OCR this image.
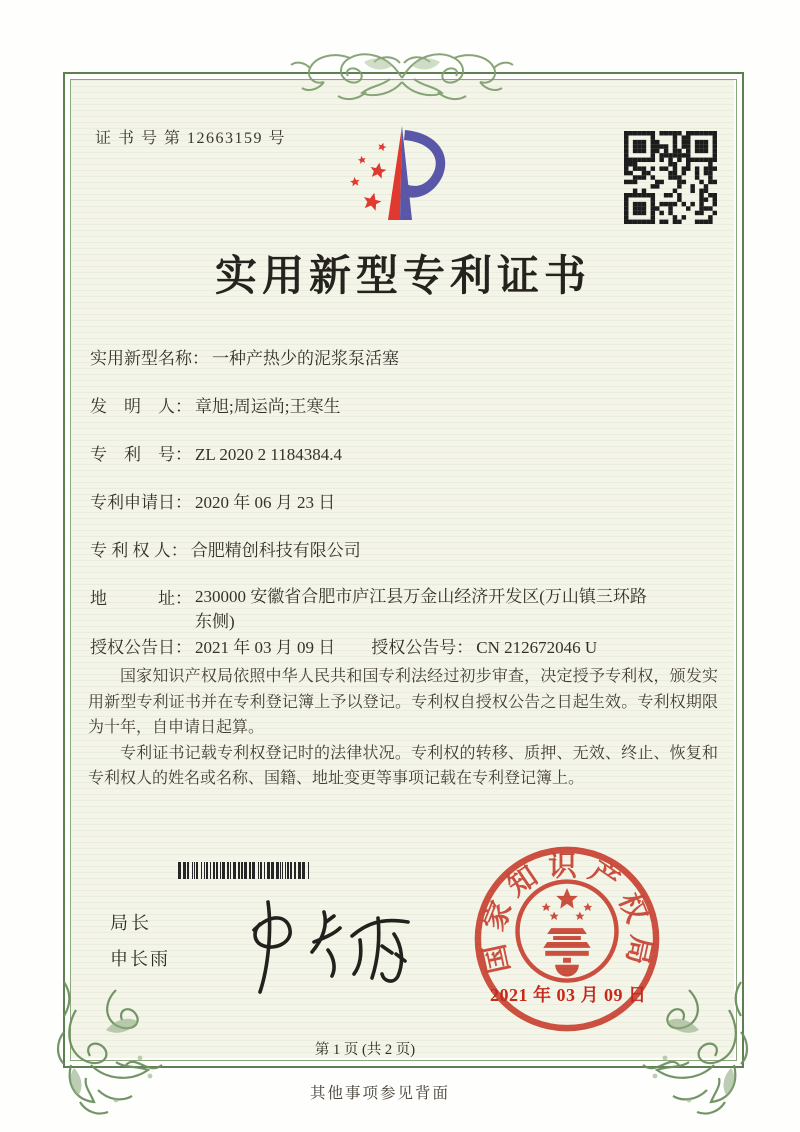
证 书 号 第 12663159 号
实用新型专利证书
实用新型名称： 一种产热少的泥浆泵活塞
发　明　人： 章旭;周运尚;王寒生
专　利　号： ZL 2020 2 1184384.4
专利申请日： 2020 年 06 月 23 日
专 利 权 人： 合肥精创科技有限公司
地　　　址： 230000 安徽省合肥市庐江县万金山经济开发区(万山镇三环路东侧)
授权公告日： 2021 年 03 月 09 日 授权公告号： CN 212672046 U

国家知识产权局依照中华人民共和国专利法经过初步审查，决定授予专利权，颁发实用新型专利证书并在专利登记簿上予以登记。专利权自授权公告之日起生效。专利权期限为十年，自申请日起算。

专利证书记载专利权登记时的法律状况。专利权的转移、质押、无效、终止、恢复和专利权人的姓名或名称、国籍、地址变更等事项记载在专利登记簿上。

局长
申长雨	国家知识产权局
2021 年 03 月 09 日
第 1 页 (共 2 页)
其他事项参见背面
